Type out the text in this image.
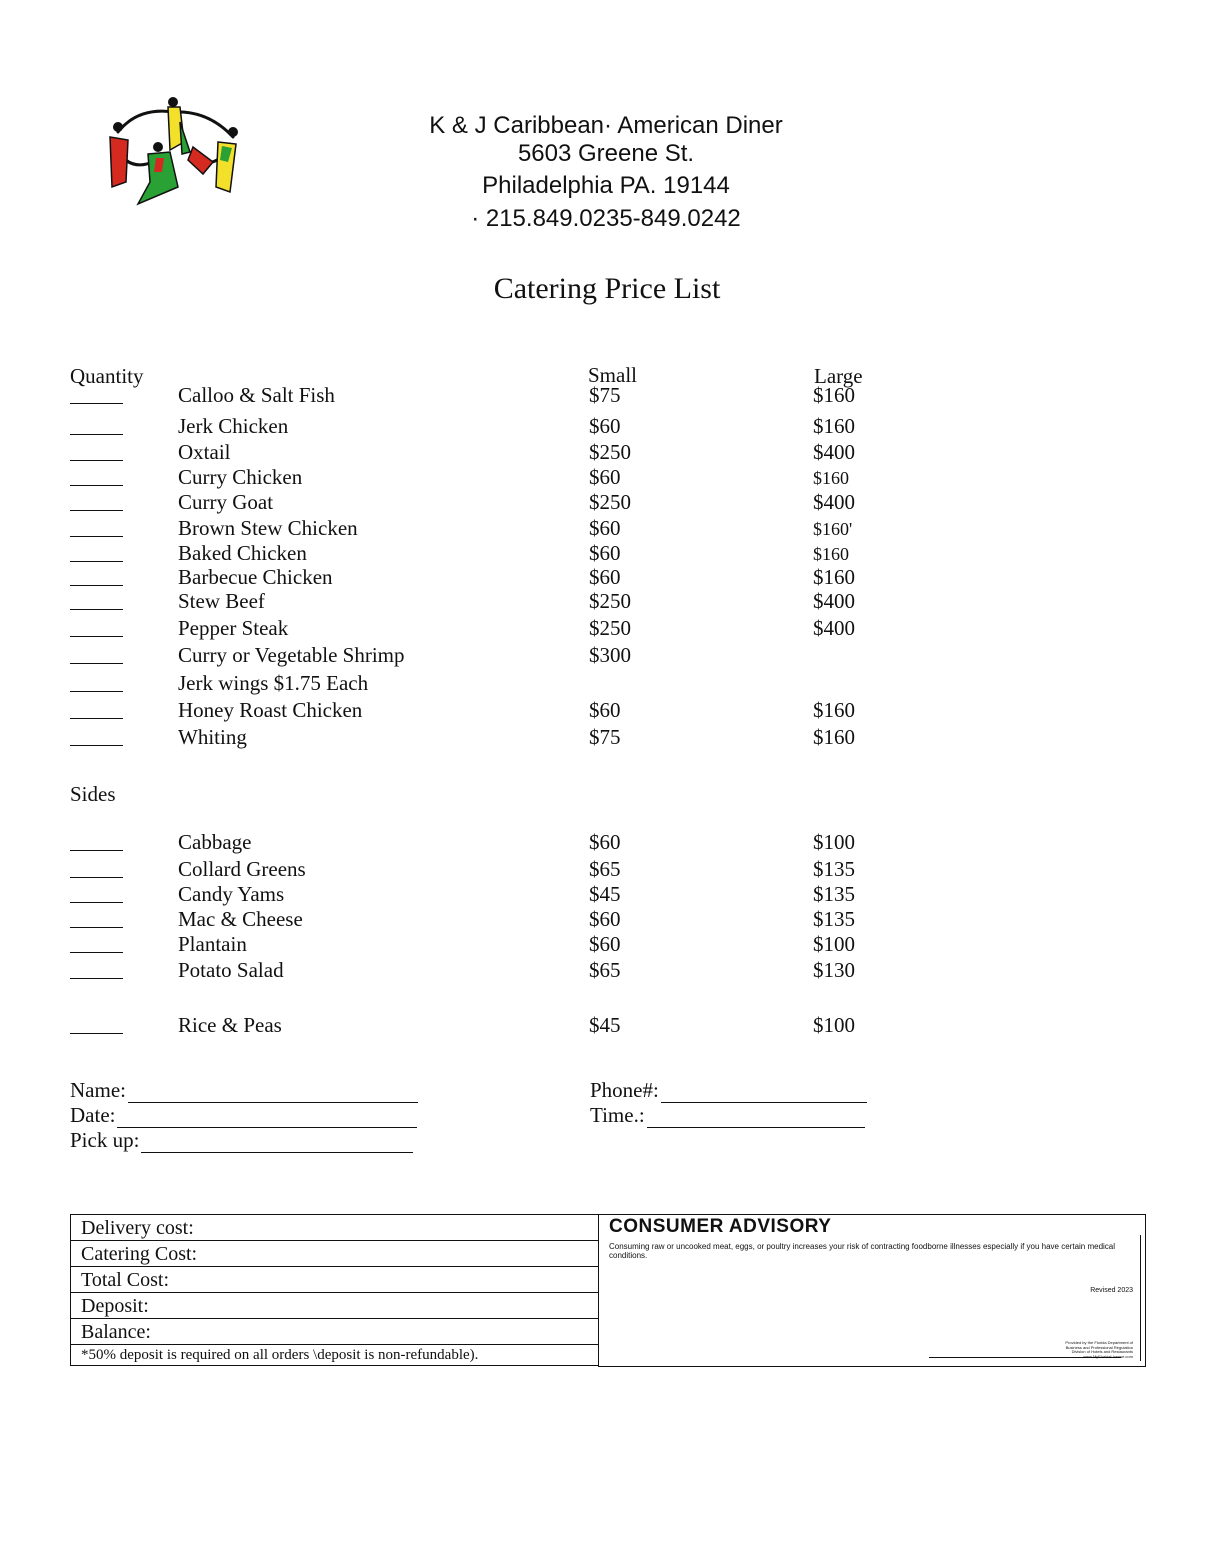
K & J Caribbean· American Diner
5603 Greene St.
Philadelphia PA. 19144
· 215.849.0235-849.0242
Catering Price List
Quantity	Small	Large
Calloo & Salt Fish	$75	$160
Jerk Chicken	$60	$160
Oxtail	$250	$400
Curry Chicken	$60	$160
Curry Goat	$250	$400
Brown Stew Chicken	$60	$160'
Baked Chicken	$60	$160
Barbecue Chicken	$60	$160
Stew Beef	$250	$400
Pepper Steak	$250	$400
Curry or Vegetable Shrimp	$300
Jerk wings $1.75 Each
Honey Roast Chicken	$60	$160
Whiting	$75	$160
Sides
Cabbage	$60	$100
Collard Greens	$65	$135
Candy Yams	$45	$135
Mac & Cheese	$60	$135
Plantain	$60	$100
Potato Salad	$65	$130
Rice & Peas	$45	$100
Name:
Date:
Pick up:
Phone#:
Time.:
Delivery cost:
Catering Cost:
Total Cost:
Deposit:
Balance:
*50% deposit is required on all orders \deposit is non-refundable).
CONSUMER ADVISORY
Consuming raw or uncooked meat, eggs, or poultry increases your risk of contracting foodborne illnesses especially if you have certain medical conditions.
Revised 2023
Provided by the Florida Department of Business and Professional Regulation Division of Hotels and Restaurants www.MyFloridaLicense.com
